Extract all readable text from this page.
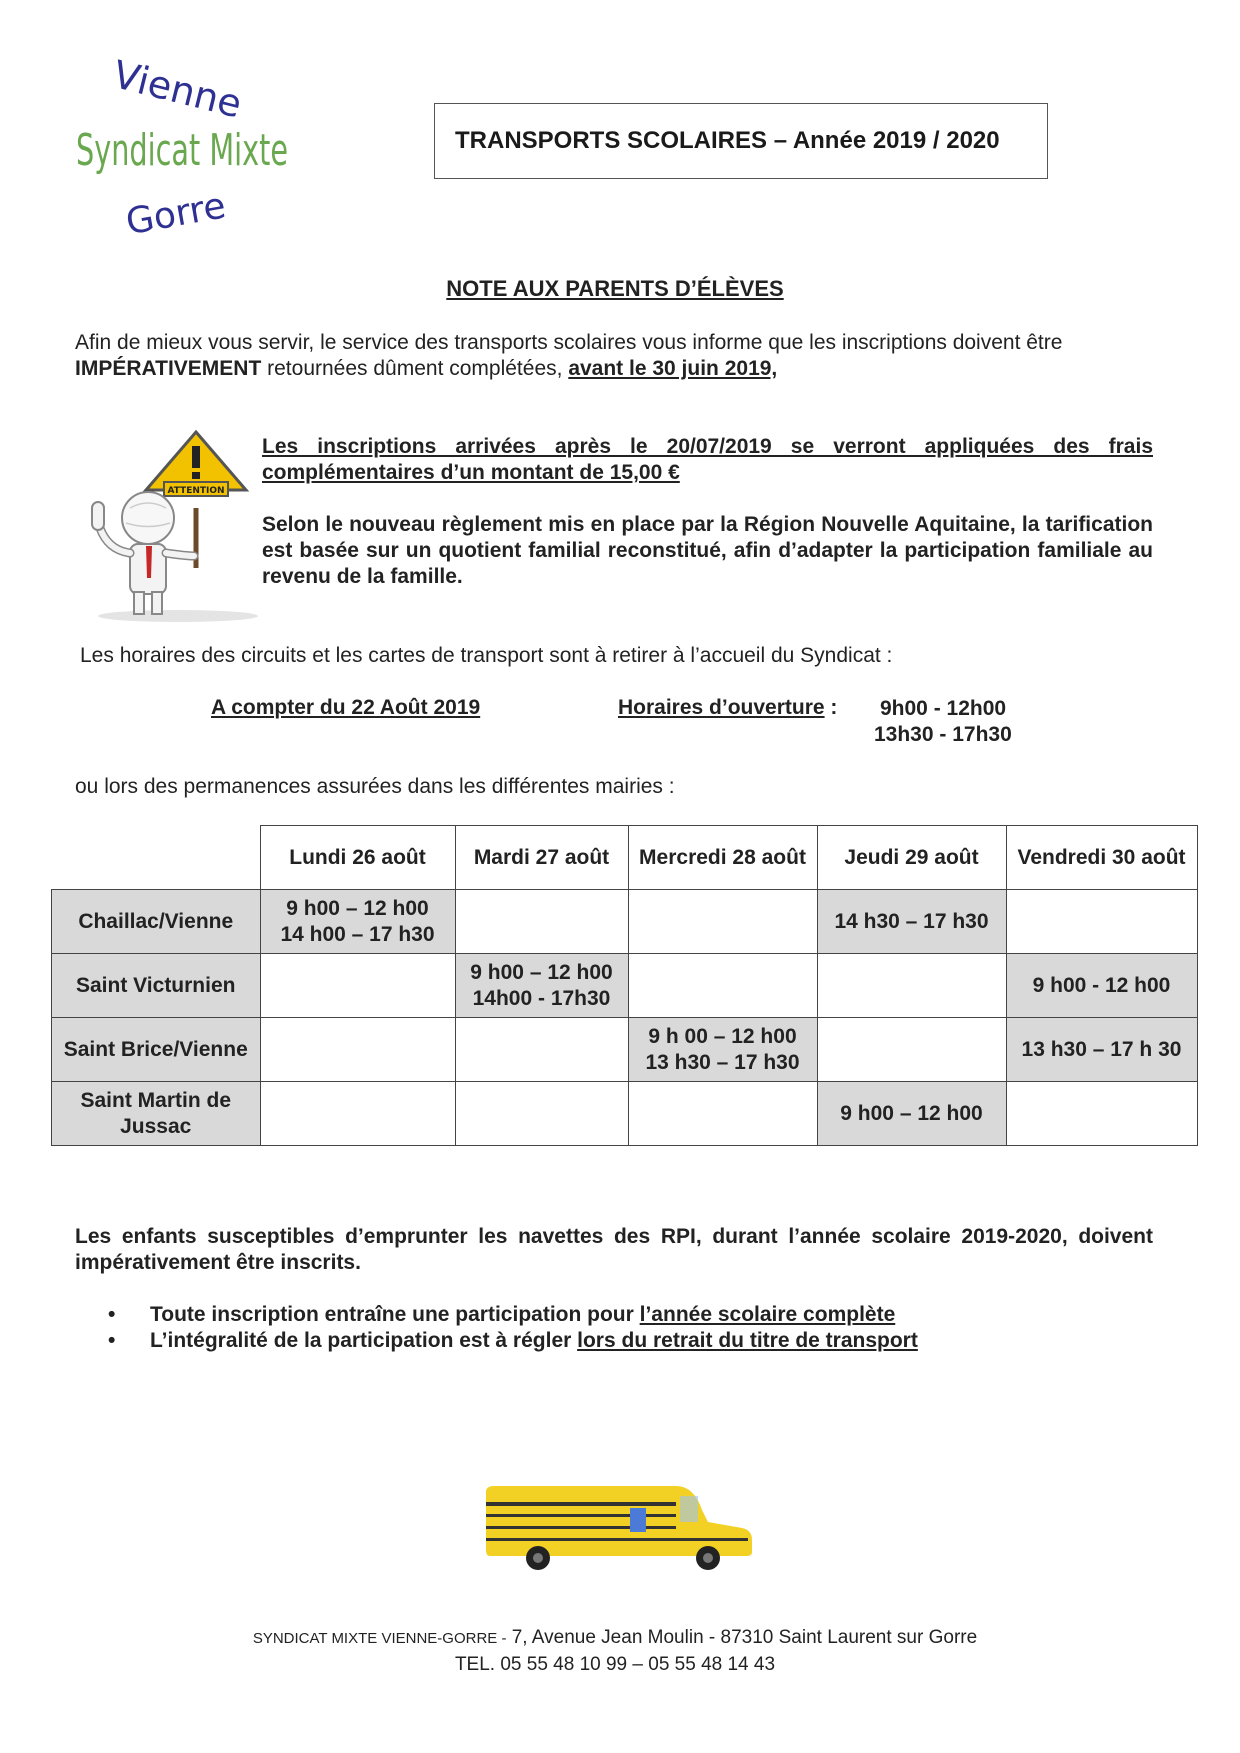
Vienne
Syndicat Mixte
Gorre
TRANSPORTS SCOLAIRES – Année 2019 / 2020
NOTE AUX PARENTS D’ÉLÈVES
Afin de mieux vous servir, le service des transports scolaires vous informe que les inscriptions doivent être IMPÉRATIVEMENT retournées dûment complétées, avant le 30 juin 2019,
ATTENTION
Les inscriptions arrivées après le 20/07/2019 se verront appliquées des frais complémentaires d’un montant de 15,00 €
Selon le nouveau règlement mis en place par la Région Nouvelle Aquitaine, la tarification est basée sur un quotient familial reconstitué, afin d’adapter la participation familiale au revenu de la famille.
Les horaires des circuits et les cartes de transport sont à retirer à l’accueil du Syndicat :
A compter du 22 Août 2019	Horaires d’ouverture : 9h00 - 12h00
13h30 - 17h30
ou lors des permanences assurées dans les différentes mairies :
	Lundi 26 août	Mardi 27 août	Mercredi 28 août	Jeudi 29 août	Vendredi 30 août
Chaillac/Vienne	9 h00 – 12 h00
14 h00 – 17 h30			14 h30 – 17 h30	

Saint Victurnien		9 h00 – 12 h00
14h00 - 17h30			9 h00 - 12 h00

Saint Brice/Vienne			9 h 00 – 12 h00
13 h30 – 17 h30		13 h30 – 17 h 30

Saint Martin de Jussac				9 h00 – 12 h00	

Les enfants susceptibles d’emprunter les navettes des RPI, durant l’année scolaire 2019-2020, doivent impérativement être inscrits.
• Toute inscription entraîne une participation pour l’année scolaire complète
• L’intégralité de la participation est à régler lors du retrait du titre de transport
SYNDICAT MIXTE VIENNE-GORRE - 7, Avenue Jean Moulin - 87310 Saint Laurent sur Gorre
TEL. 05 55 48 10 99 – 05 55 48 14 43
